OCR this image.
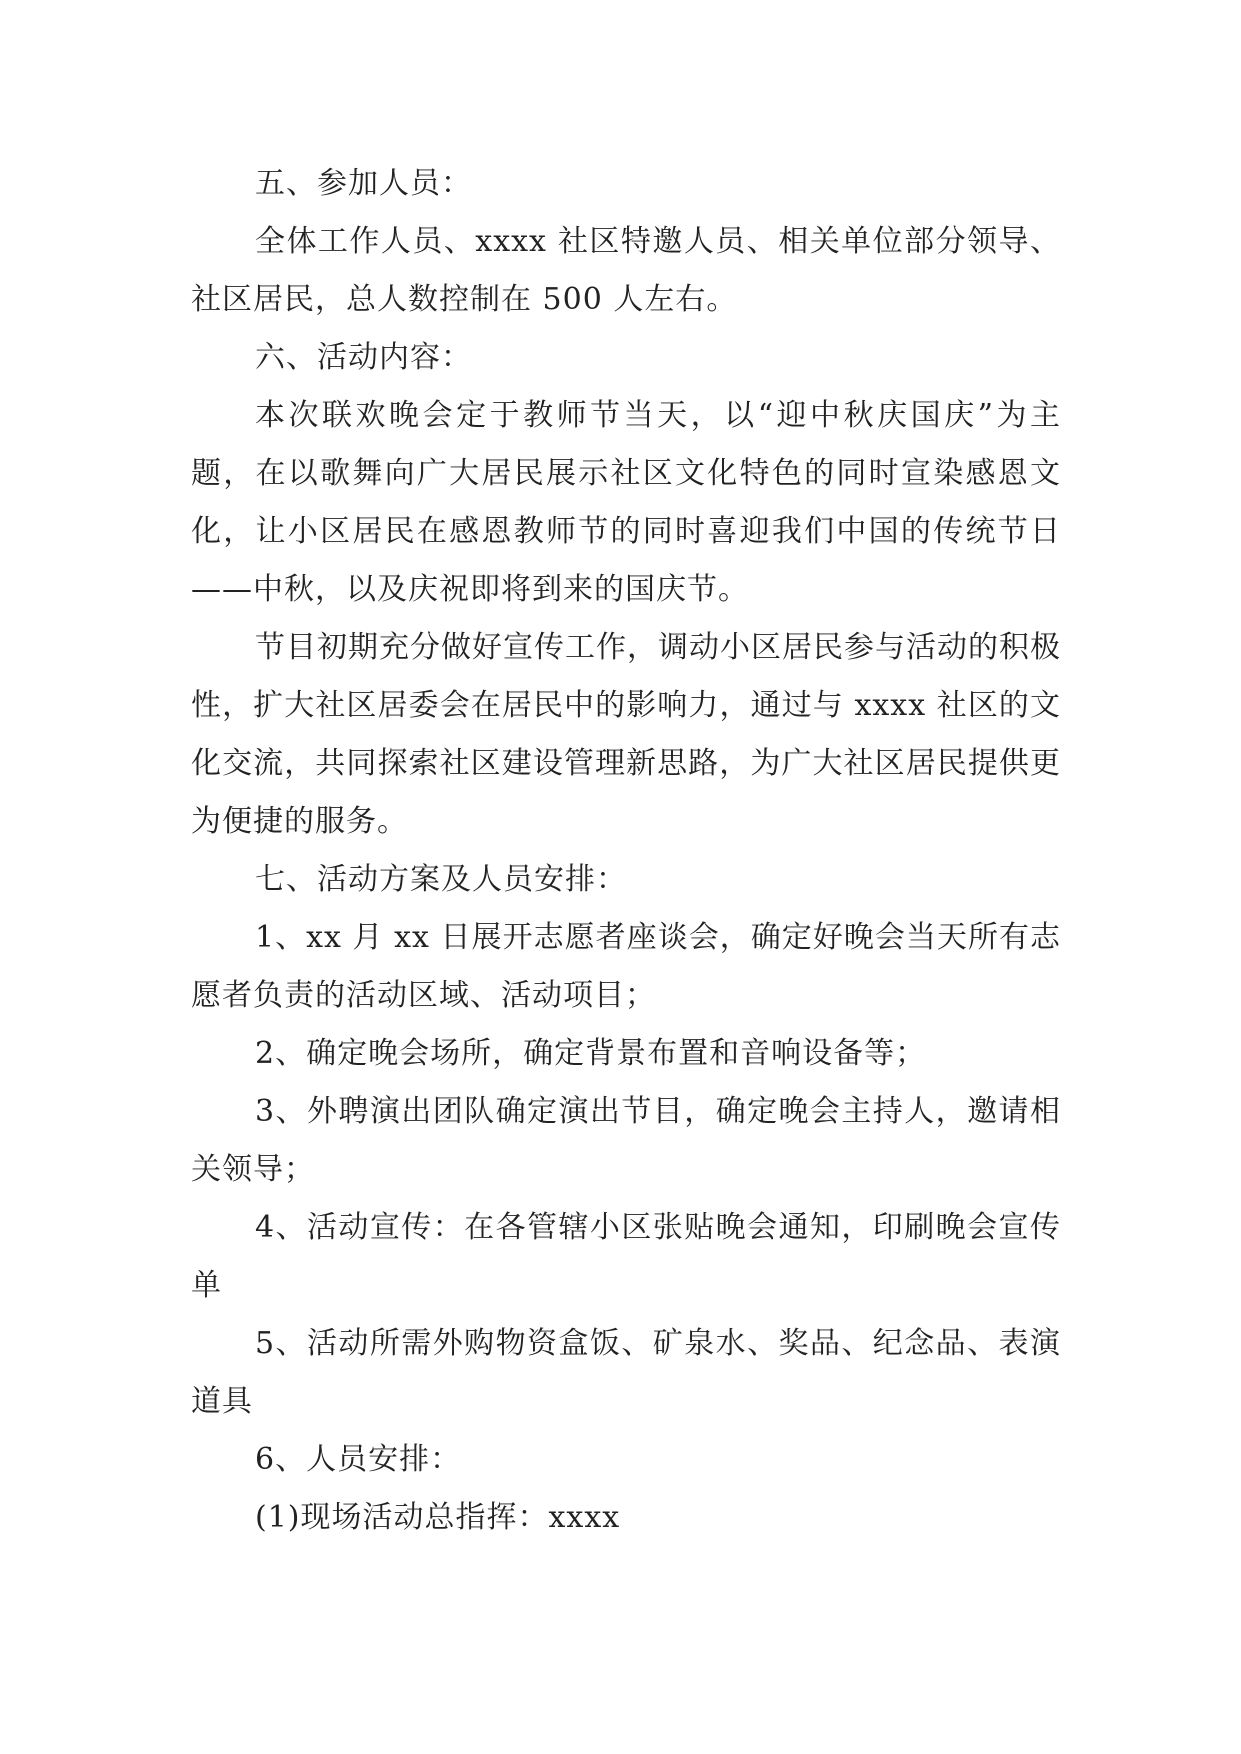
五、参加人员：

全体工作人员、xxxx 社区特邀人员、相关单位部分领导、社区居民，总人数控制在 500 人左右。

六、活动内容：

本次联欢晚会定于教师节当天，以“迎中秋庆国庆”为主题，在以歌舞向广大居民展示社区文化特色的同时宣染感恩文化，让小区居民在感恩教师节的同时喜迎我们中国的传统节日——中秋，以及庆祝即将到来的国庆节。

节目初期充分做好宣传工作，调动小区居民参与活动的积极性，扩大社区居委会在居民中的影响力，通过与 xxxx 社区的文化交流，共同探索社区建设管理新思路，为广大社区居民提供更为便捷的服务。

七、活动方案及人员安排：

1、xx 月 xx 日展开志愿者座谈会，确定好晚会当天所有志愿者负责的活动区域、活动项目；

2、确定晚会场所，确定背景布置和音响设备等；

3、外聘演出团队确定演出节目，确定晚会主持人，邀请相关领导；

4、活动宣传：在各管辖小区张贴晚会通知，印刷晚会宣传单

5、活动所需外购物资盒饭、矿泉水、奖品、纪念品、表演道具

6、人员安排：

(1)现场活动总指挥：xxxx
